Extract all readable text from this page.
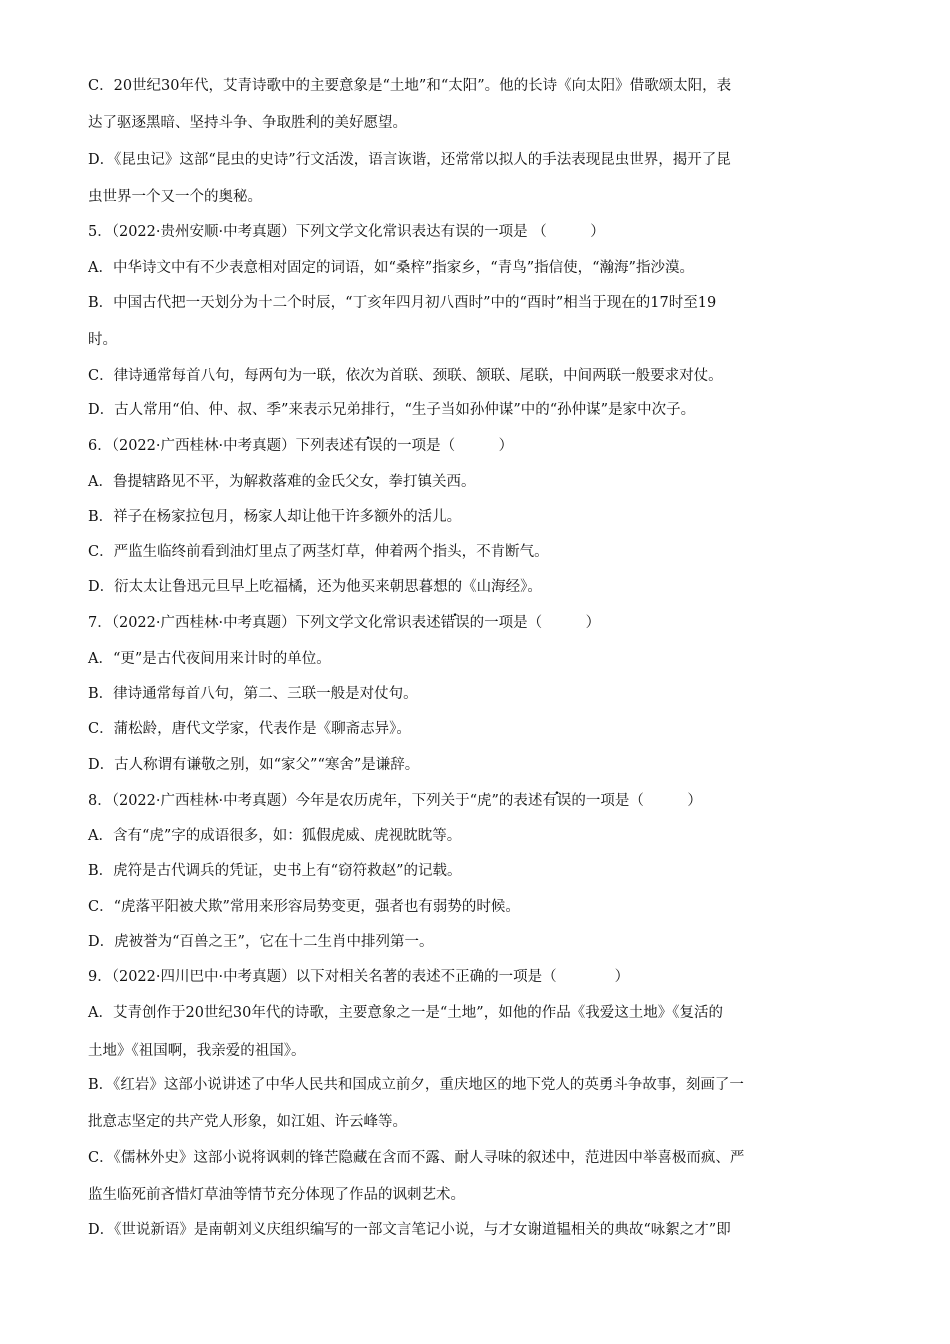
C．20世纪30年代，艾青诗歌中的主要意象是“土地”和“太阳”。他的长诗《向太阳》借歌颂太阳，表
达了驱逐黑暗、坚持斗争、争取胜利的美好愿望。
D．《昆虫记》这部“昆虫的史诗”行文活泼，语言诙谐，还常常以拟人的手法表现昆虫世界，揭开了昆
虫世界一个又一个的奥秘。
5．（2022·贵州安顺·中考真题）下列文学文化常识表达有误的一项是 （　　　）
A．中华诗文中有不少表意相对固定的词语，如“桑梓”指家乡，“青鸟”指信使，“瀚海”指沙漠。
B．中国古代把一天划分为十二个时辰，“丁亥年四月初八酉时”中的“酉时”相当于现在的17时至19
时。
C．律诗通常每首八句，每两句为一联，依次为首联、颈联、颔联、尾联，中间两联一般要求对仗。
D．古人常用“伯、仲、叔、季”来表示兄弟排行，“生子当如孙仲谋”中的“孙仲谋”是家中次子。
6．（2022·广西桂林·中考真题）下列表述有误的一项是（　　　）
A．鲁提辖路见不平，为解救落难的金氏父女，拳打镇关西。
B．祥子在杨家拉包月，杨家人却让他干许多额外的活儿。
C．严监生临终前看到油灯里点了两茎灯草，伸着两个指头，不肯断气。
D．衍太太让鲁迅元旦早上吃福橘，还为他买来朝思暮想的《山海经》。
7．（2022·广西桂林·中考真题）下列文学文化常识表述错误的一项是（　　　）
A．“更”是古代夜间用来计时的单位。
B．律诗通常每首八句，第二、三联一般是对仗句。
C．蒲松龄，唐代文学家，代表作是《聊斋志异》。
D．古人称谓有谦敬之别，如“家父”“寒舍”是谦辞。
8．（2022·广西桂林·中考真题）今年是农历虎年，下列关于“虎”的表述有误的一项是（　　　）
A．含有“虎”字的成语很多，如：狐假虎威、虎视眈眈等。
B．虎符是古代调兵的凭证，史书上有“窃符救赵”的记载。
C．“虎落平阳被犬欺”常用来形容局势变更，强者也有弱势的时候。
D．虎被誉为“百兽之王”，它在十二生肖中排列第一。
9．（2022·四川巴中·中考真题）以下对相关名著的表述不正确的一项是（　　　　）
A．艾青创作于20世纪30年代的诗歌，主要意象之一是“土地”，如他的作品《我爱这土地》《复活的
土地》《祖国啊，我亲爱的祖国》。
B．《红岩》这部小说讲述了中华人民共和国成立前夕，重庆地区的地下党人的英勇斗争故事，刻画了一
批意志坚定的共产党人形象，如江姐、许云峰等。
C．《儒林外史》这部小说将讽刺的锋芒隐藏在含而不露、耐人寻味的叙述中，范进因中举喜极而疯、严
监生临死前吝惜灯草油等情节充分体现了作品的讽刺艺术。
D．《世说新语》是南朝刘义庆组织编写的一部文言笔记小说，与才女谢道韫相关的典故“咏絮之才”即
